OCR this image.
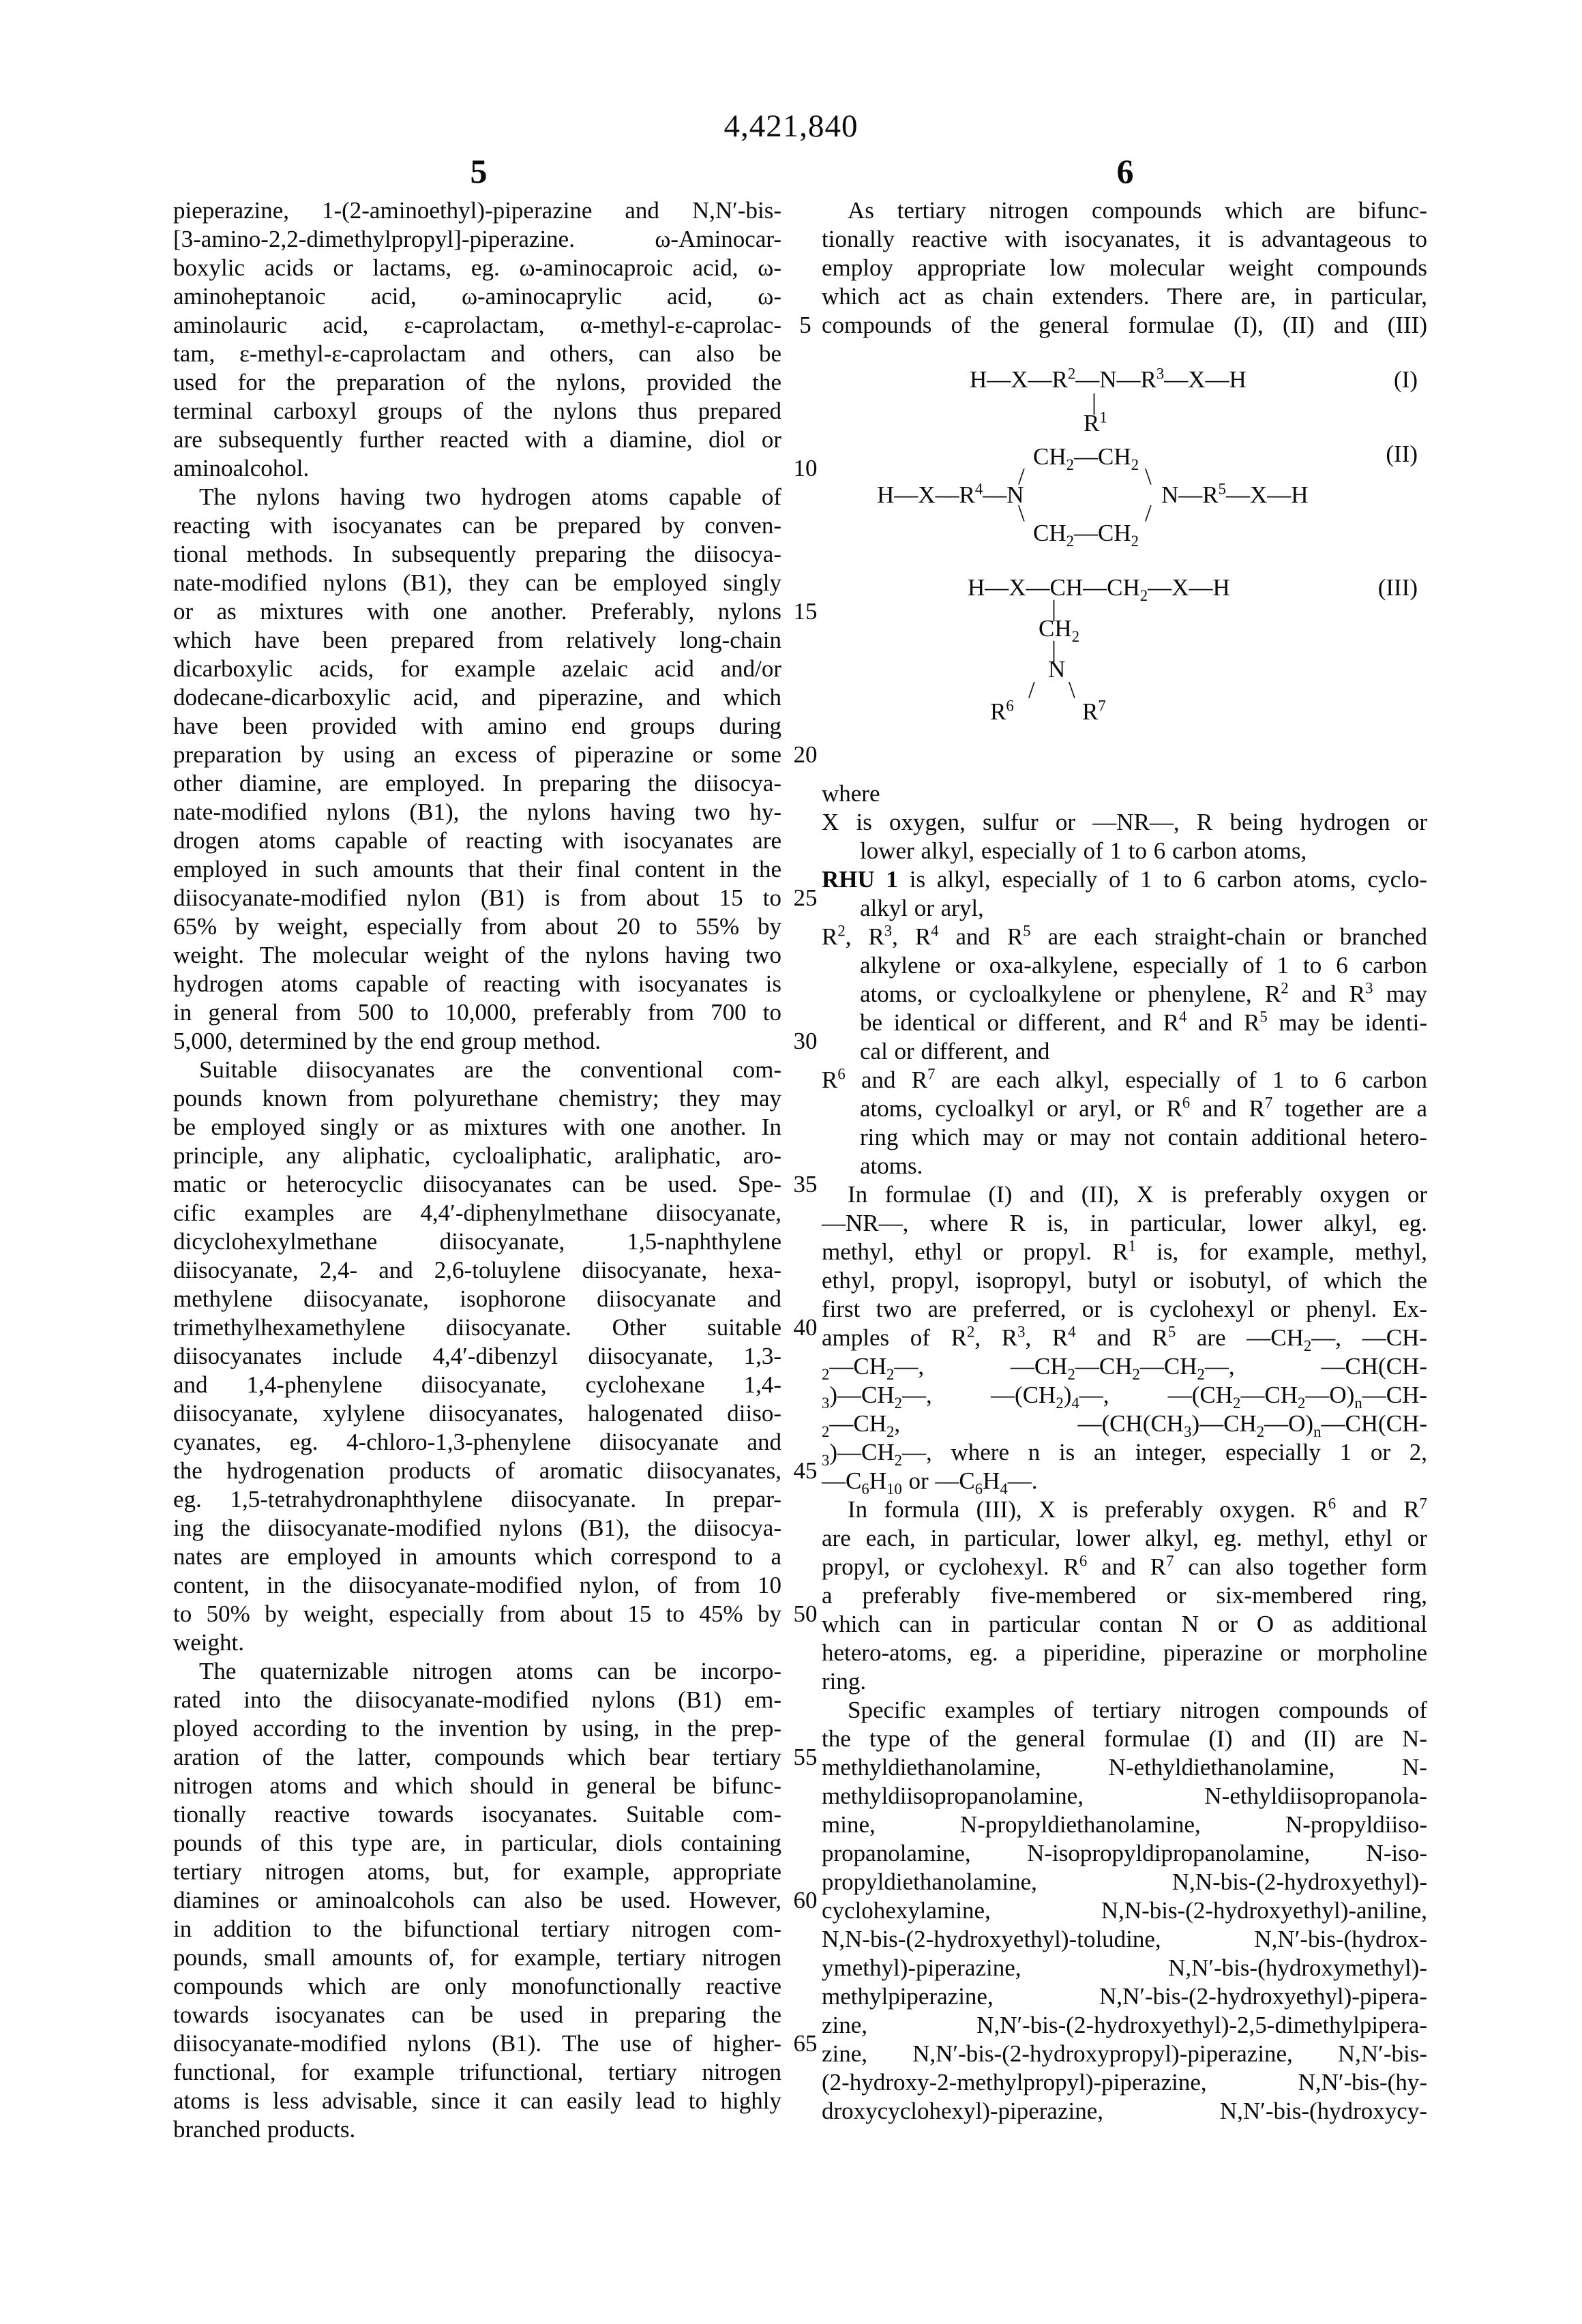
4,421,840
5	6
5
10
15
20
25
30
35
40
45
50
55
60
65
pieperazine, 1-(2-aminoethyl)-piperazine and N,N′-bis-
[3-amino-2,2-dimethylpropyl]-piperazine. ω-Aminocar-
boxylic acids or lactams, eg. ω-aminocaproic acid, ω-
aminoheptanoic acid, ω-aminocaprylic acid, ω-
aminolauric acid, ε-caprolactam, α-methyl-ε-caprolac-
tam, ε-methyl-ε-caprolactam and others, can also be
used for the preparation of the nylons, provided the
terminal carboxyl groups of the nylons thus prepared
are subsequently further reacted with a diamine, diol or
aminoalcohol.
The nylons having two hydrogen atoms capable of
reacting with isocyanates can be prepared by conven-
tional methods. In subsequently preparing the diisocya-
nate-modified nylons (B1), they can be employed singly
or as mixtures with one another. Preferably, nylons
which have been prepared from relatively long-chain
dicarboxylic acids, for example azelaic acid and/or
dodecane-dicarboxylic acid, and piperazine, and which
have been provided with amino end groups during
preparation by using an excess of piperazine or some
other diamine, are employed. In preparing the diisocya-
nate-modified nylons (B1), the nylons having two hy-
drogen atoms capable of reacting with isocyanates are
employed in such amounts that their final content in the
diisocyanate-modified nylon (B1) is from about 15 to
65% by weight, especially from about 20 to 55% by
weight. The molecular weight of the nylons having two
hydrogen atoms capable of reacting with isocyanates is
in general from 500 to 10,000, preferably from 700 to
5,000, determined by the end group method.
Suitable diisocyanates are the conventional com-
pounds known from polyurethane chemistry; they may
be employed singly or as mixtures with one another. In
principle, any aliphatic, cycloaliphatic, araliphatic, aro-
matic or heterocyclic diisocyanates can be used. Spe-
cific examples are 4,4′-diphenylmethane diisocyanate,
dicyclohexylmethane diisocyanate, 1,5-naphthylene
diisocyanate, 2,4- and 2,6-toluylene diisocyanate, hexa-
methylene diisocyanate, isophorone diisocyanate and
trimethylhexamethylene diisocyanate. Other suitable
diisocyanates include 4,4′-dibenzyl diisocyanate, 1,3-
and 1,4-phenylene diisocyanate, cyclohexane 1,4-
diisocyanate, xylylene diisocyanates, halogenated diiso-
cyanates, eg. 4-chloro-1,3-phenylene diisocyanate and
the hydrogenation products of aromatic diisocyanates,
eg. 1,5-tetrahydronaphthylene diisocyanate. In prepar-
ing the diisocyanate-modified nylons (B1), the diisocya-
nates are employed in amounts which correspond to a
content, in the diisocyanate-modified nylon, of from 10
to 50% by weight, especially from about 15 to 45% by
weight.
The quaternizable nitrogen atoms can be incorpo-
rated into the diisocyanate-modified nylons (B1) em-
ployed according to the invention by using, in the prep-
aration of the latter, compounds which bear tertiary
nitrogen atoms and which should in general be bifunc-
tionally reactive towards isocyanates. Suitable com-
pounds of this type are, in particular, diols containing
tertiary nitrogen atoms, but, for example, appropriate
diamines or aminoalcohols can also be used. However,
in addition to the bifunctional tertiary nitrogen com-
pounds, small amounts of, for example, tertiary nitrogen
compounds which are only monofunctionally reactive
towards isocyanates can be used in preparing the
diisocyanate-modified nylons (B1). The use of higher-
functional, for example trifunctional, tertiary nitrogen
atoms is less advisable, since it can easily lead to highly
branched products.
As tertiary nitrogen compounds which are bifunc-
tionally reactive with isocyanates, it is advantageous to
employ appropriate low molecular weight compounds
which act as chain extenders. There are, in particular,
compounds of the general formulae (I), (II) and (III)
$H—X—R^2—N—R^3—X—H$	(I)
|
$R^1$
$CH_2—CH_2$	(II)
/	\
$H—X—R^4—N$	$N—R^5—X—H$
\	/
$CH_2—CH_2$
$H—X—CH—CH_2—X—H$	(III)
|
$CH_2$
|
N
/ \
$R^6$	$R^7$
where
X is oxygen, sulfur or —NR—, R being hydrogen or
lower alkyl, especially of 1 to 6 carbon atoms,
RHU 1 is alkyl, especially of 1 to 6 carbon atoms, cyclo-
alkyl or aryl,
$R^2$, $R^3$, $R^4$ and $R^5$ are each straight-chain or branched
alkylene or oxa-alkylene, especially of 1 to 6 carbon
atoms, or cycloalkylene or phenylene, $R^2$ and $R^3$ may
be identical or different, and $R^4$ and $R^5$ may be identi-
cal or different, and
$R^6$ and $R^7$ are each alkyl, especially of 1 to 6 carbon
atoms, cycloalkyl or aryl, or $R^6$ and $R^7$ together are a
ring which may or may not contain additional hetero-
atoms.
In formulae (I) and (II), X is preferably oxygen or
—NR—, where R is, in particular, lower alkyl, eg.
methyl, ethyl or propyl. $R^1$ is, for example, methyl,
ethyl, propyl, isopropyl, butyl or isobutyl, of which the
first two are preferred, or is cyclohexyl or phenyl. Ex-
amples of $R^2$, $R^3$, $R^4$ and $R^5$ are $—CH_2—$, —CH-
$_2—CH_2—$, $—CH_2—CH_2—CH_2—$, —CH(CH-
$_3)—CH_2—$, $—(CH_2)_4—$, $—(CH_2—CH_2—O)_n—CH-$
$_2—CH_2$, $—(CH(CH_3)—CH_2—O)_n—CH(CH-$
$_3)—CH_2—$, where n is an integer, especially 1 or 2,
$—C_6H_{10}$ or $—C_6H_4—$.
In formula (III), X is preferably oxygen. $R^6$ and $R^7$
are each, in particular, lower alkyl, eg. methyl, ethyl or
propyl, or cyclohexyl. $R^6$ and $R^7$ can also together form
a preferably five-membered or six-membered ring,
which can in particular contan N or O as additional
hetero-atoms, eg. a piperidine, piperazine or morpholine
ring.
Specific examples of tertiary nitrogen compounds of
the type of the general formulae (I) and (II) are N-
methyldiethanolamine, N-ethyldiethanolamine, N-
methyldiisopropanolamine, N-ethyldiisopropanola-
mine, N-propyldiethanolamine, N-propyldiiso-
propanolamine, N-isopropyldipropanolamine, N-iso-
propyldiethanolamine, N,N-bis-(2-hydroxyethyl)-
cyclohexylamine, N,N-bis-(2-hydroxyethyl)-aniline,
N,N-bis-(2-hydroxyethyl)-toludine, N,N′-bis-(hydrox-
ymethyl)-piperazine, N,N′-bis-(hydroxymethyl)-
methylpiperazine, N,N′-bis-(2-hydroxyethyl)-pipera-
zine, N,N′-bis-(2-hydroxyethyl)-2,5-dimethylpipera-
zine, N,N′-bis-(2-hydroxypropyl)-piperazine, N,N′-bis-
(2-hydroxy-2-methylpropyl)-piperazine, N,N′-bis-(hy-
droxycyclohexyl)-piperazine, N,N′-bis-(hydroxycy-
